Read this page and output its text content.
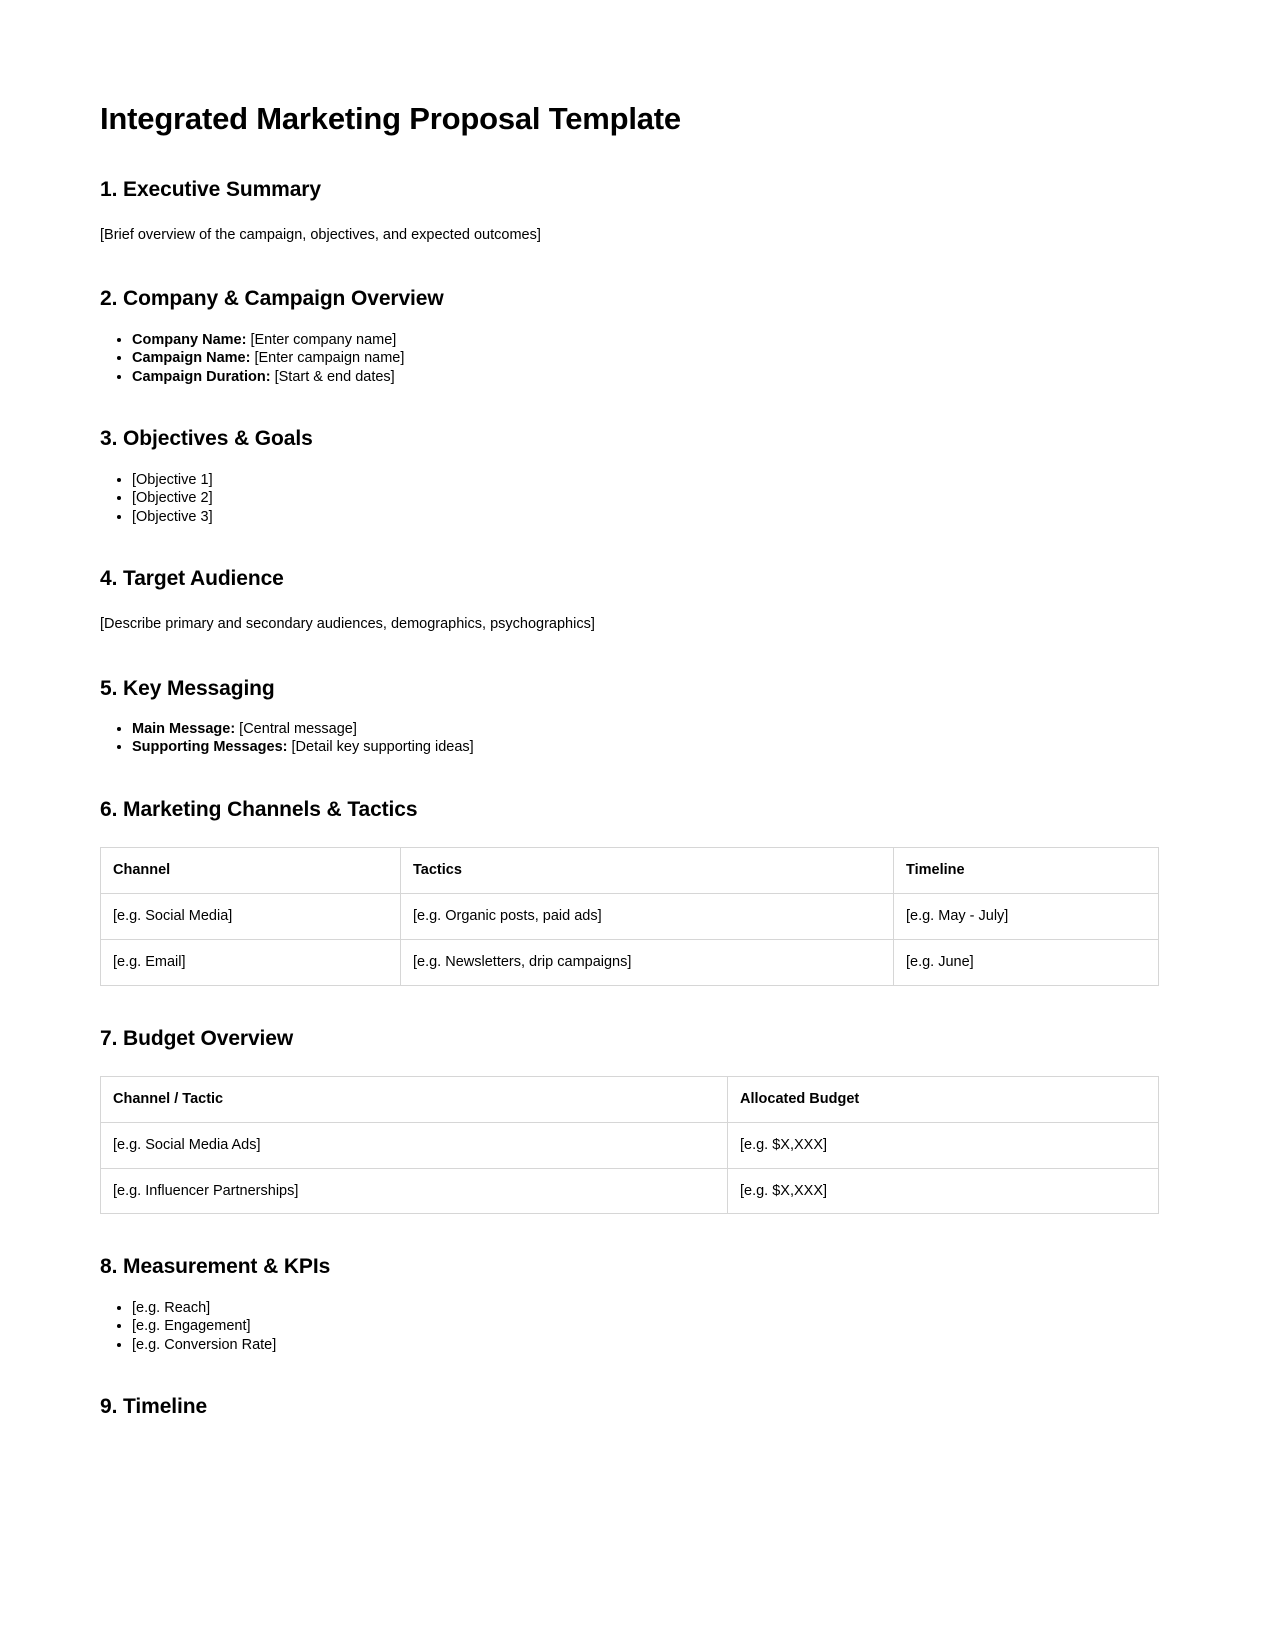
Integrated Marketing Proposal Template
1. Executive Summary

[Brief overview of the campaign, objectives, and expected outcomes]

2. Company & Campaign Overview
• Company Name: [Enter company name]
• Campaign Name: [Enter campaign name]
• Campaign Duration: [Start & end dates]
3. Objectives & Goals
• [Objective 1]
• [Objective 2]
• [Objective 3]
4. Target Audience

[Describe primary and secondary audiences, demographics, psychographics]

5. Key Messaging
• Main Message: [Central message]
• Supporting Messages: [Detail key supporting ideas]
6. Marketing Channels & Tactics
Channel	Tactics	Timeline
[e.g. Social Media]	[e.g. Organic posts, paid ads]	[e.g. May - July]
[e.g. Email]	[e.g. Newsletters, drip campaigns]	[e.g. June]
7. Budget Overview
Channel / Tactic	Allocated Budget
[e.g. Social Media Ads]	[e.g. $X,XXX]
[e.g. Influencer Partnerships]	[e.g. $X,XXX]
8. Measurement & KPIs
• [e.g. Reach]
• [e.g. Engagement]
• [e.g. Conversion Rate]
9. Timeline
